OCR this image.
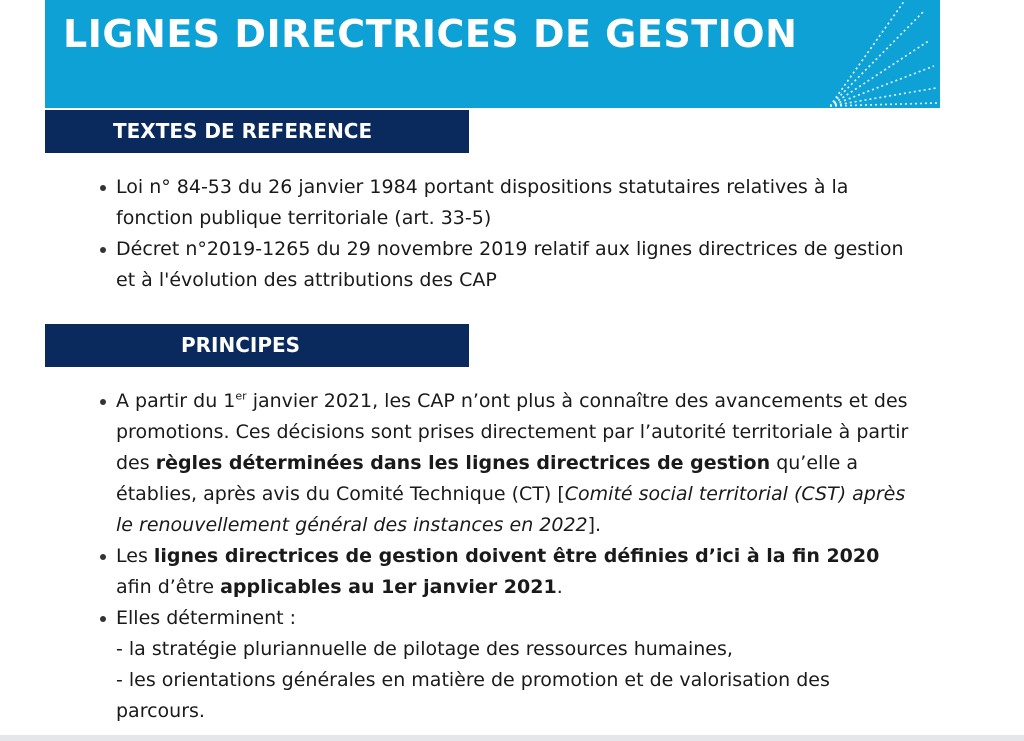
LIGNES DIRECTRICES DE GESTION
TEXTES DE REFERENCE
Loi n° 84-53 du 26 janvier 1984 portant dispositions statutaires relatives à la fonction publique territoriale (art. 33-5)
Décret n°2019-1265 du 29 novembre 2019 relatif aux lignes directrices de gestion et à l'évolution des attributions des CAP
PRINCIPES
A partir du 1er janvier 2021, les CAP n’ont plus à connaître des avancements et des promotions. Ces décisions sont prises directement par l’autorité territoriale à partir des règles déterminées dans les lignes directrices de gestion qu’elle a établies, après avis du Comité Technique (CT) [Comité social territorial (CST) après le renouvellement général des instances en 2022].
Les lignes directrices de gestion doivent être définies d’ici à la fin 2020 afin d’être applicables au 1er janvier 2021.
Elles déterminent :
- la stratégie pluriannuelle de pilotage des ressources humaines,
- les orientations générales en matière de promotion et de valorisation des parcours.
